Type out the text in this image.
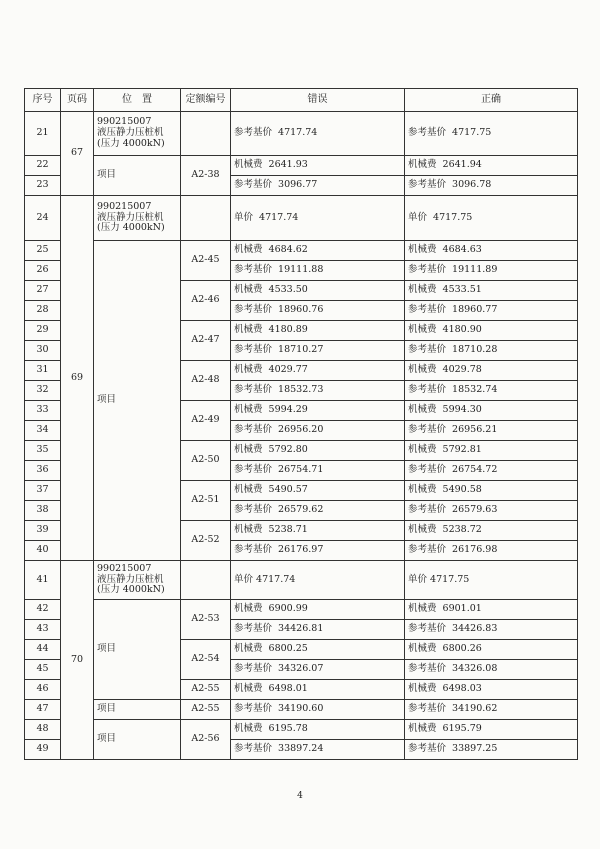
序号	页码	位　置	定额编号	错误	正确
21	67	990215007
液压静力压桩机
(压力 4000kN)		参考基价  4717.74	参考基价  4717.75
22		项目	A2-38	机械费  2641.93	机械费  2641.94
23				参考基价  3096.77	参考基价  3096.78
24	69	990215007
液压静力压桩机
(压力 4000kN)		单价  4717.74	单价  4717.75
25		项目	A2-45	机械费  4684.62	机械费  4684.63
26				参考基价  19111.88	参考基价  19111.89
27			A2-46	机械费  4533.50	机械费  4533.51
28				参考基价  18960.76	参考基价  18960.77
29			A2-47	机械费  4180.89	机械费  4180.90
30				参考基价  18710.27	参考基价  18710.28
31			A2-48	机械费  4029.77	机械费  4029.78
32				参考基价  18532.73	参考基价  18532.74
33			A2-49	机械费  5994.29	机械费  5994.30
34				参考基价  26956.20	参考基价  26956.21
35			A2-50	机械费  5792.80	机械费  5792.81
36				参考基价  26754.71	参考基价  26754.72
37			A2-51	机械费  5490.57	机械费  5490.58
38				参考基价  26579.62	参考基价  26579.63
39			A2-52	机械费  5238.71	机械费  5238.72
40				参考基价  26176.97	参考基价  26176.98
41	70	990215007
液压静力压桩机
(压力 4000kN)		单价 4717.74	单价 4717.75
42		项目	A2-53	机械费  6900.99	机械费  6901.01
43				参考基价  34426.81	参考基价  34426.83
44			A2-54	机械费  6800.25	机械费  6800.26
45				参考基价  34326.07	参考基价  34326.08
46			A2-55	机械费  6498.01	机械费  6498.03
47		项目	A2-55	参考基价  34190.60	参考基价  34190.62
48		项目	A2-56	机械费  6195.78	机械费  6195.79
49				参考基价  33897.24	参考基价  33897.25
4
